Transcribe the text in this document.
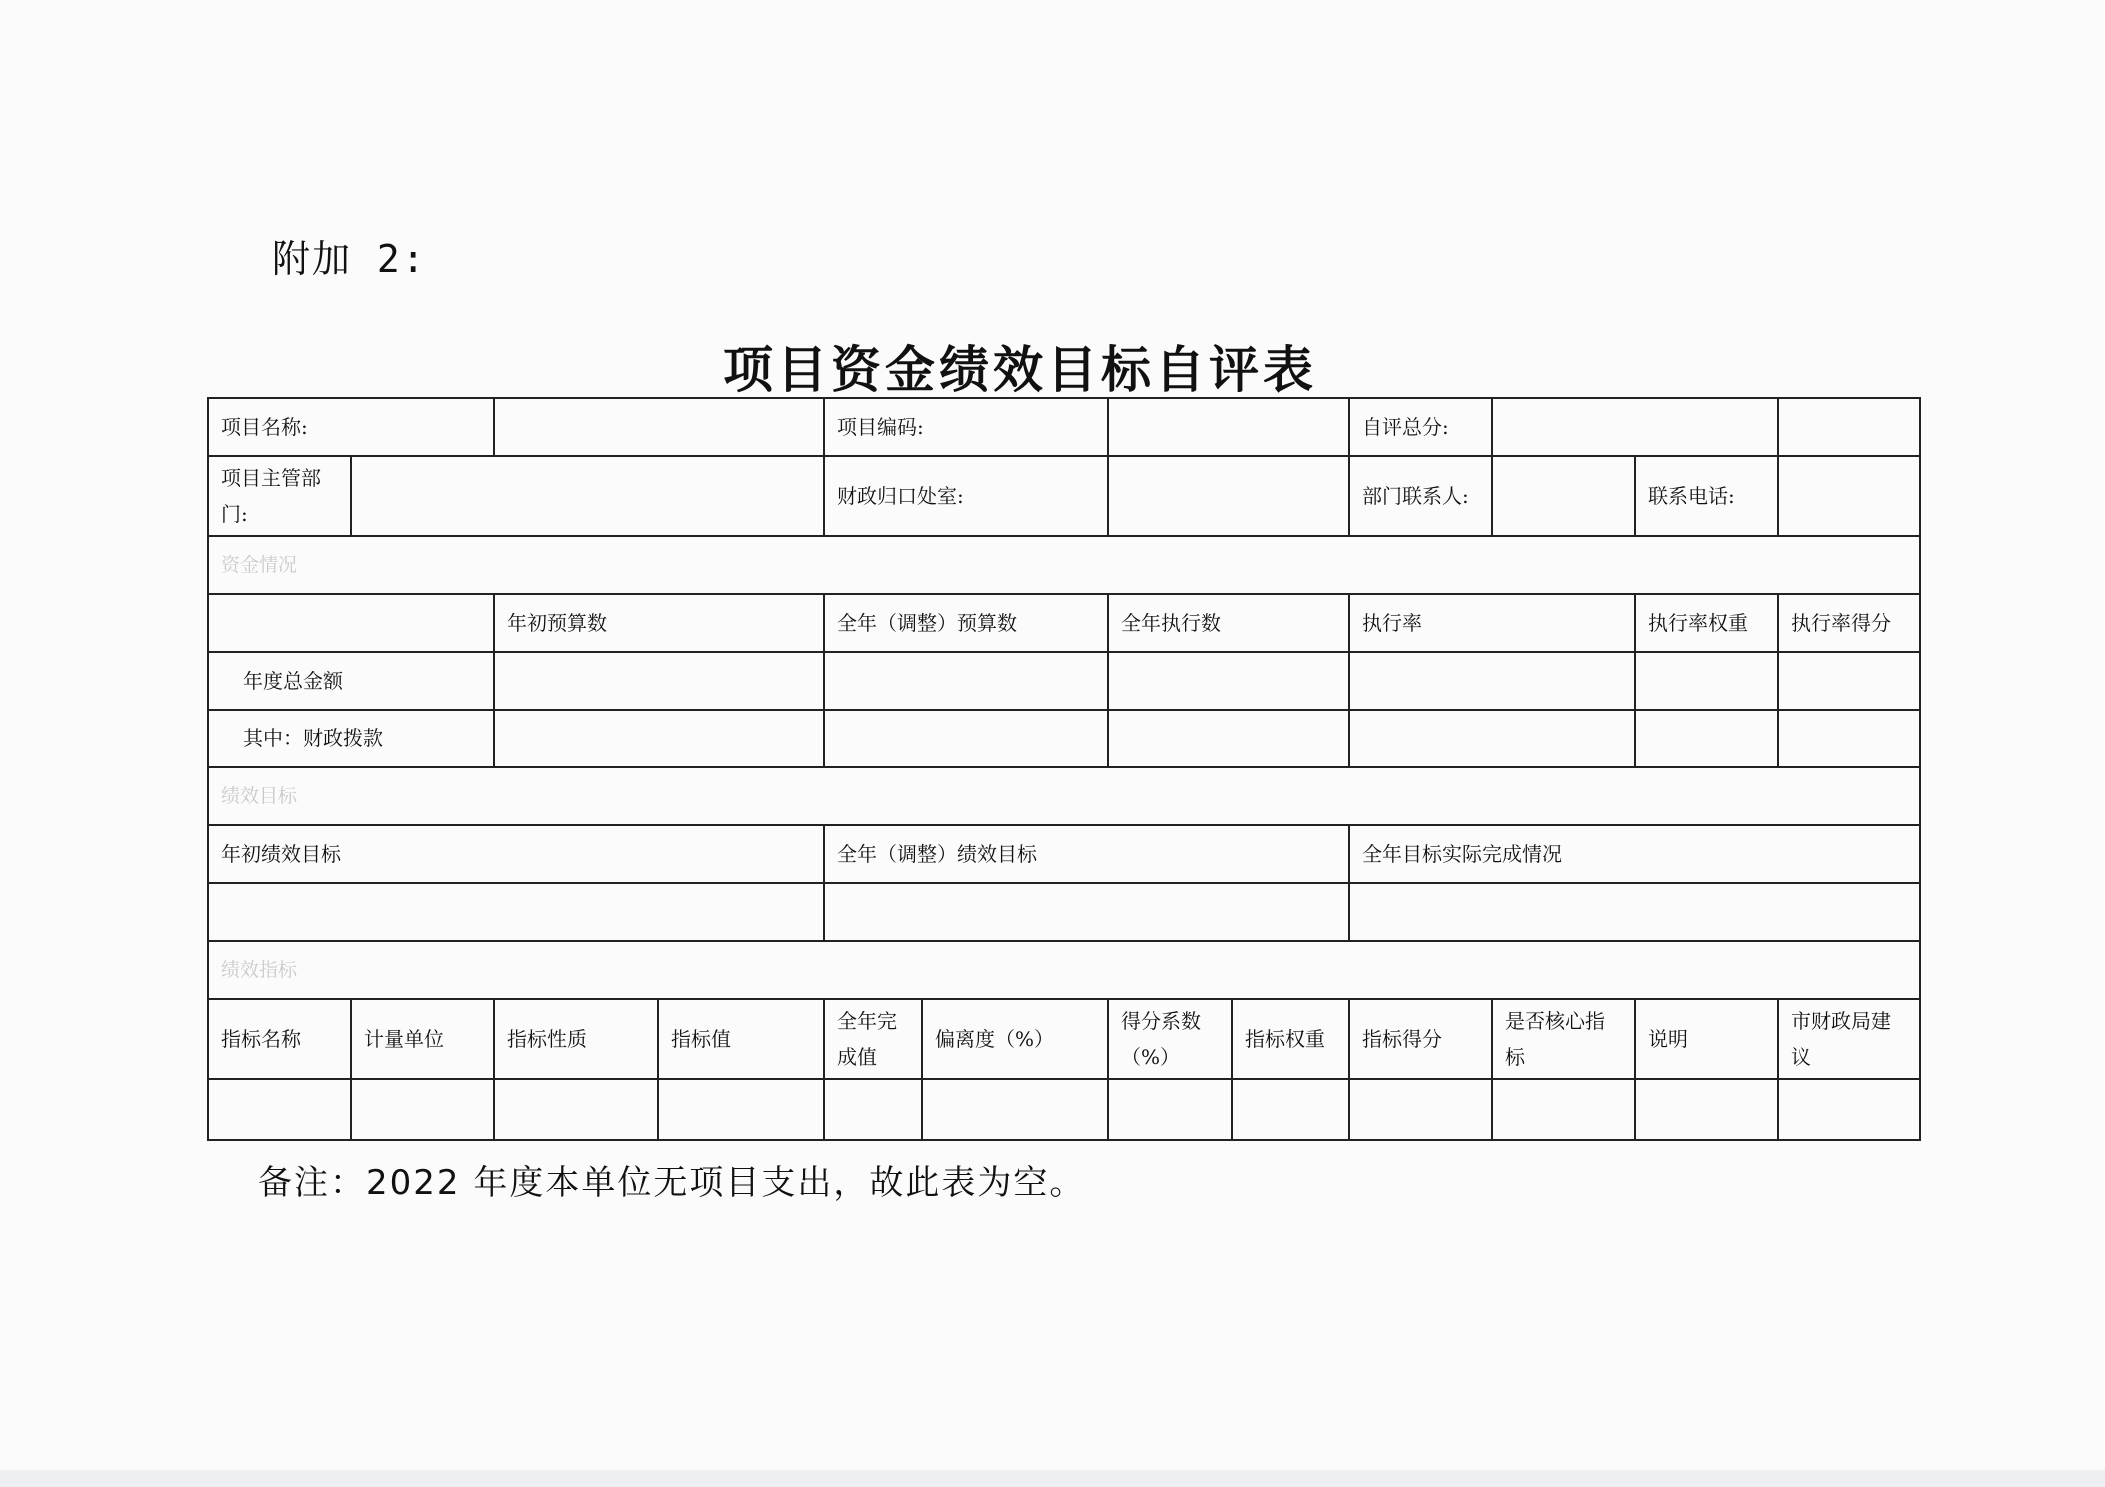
附加 2:
项目资金绩效目标自评表
项目名称:				项目编码:				自评总分:			
项目主管部门:				财政归口处室:				部门联系人:		联系电话:	
资金情况											
		年初预算数		全年（调整）预算数		全年执行数		执行率		执行率权重	执行率得分
年度总金额											
其中：财政拨款											
绩效目标											
年初绩效目标				全年（调整）绩效目标				全年目标实际完成情况			

绩效指标											
指标名称	计量单位	指标性质	指标值	全年完成值	偏离度（%）	得分系数（%）	指标权重	指标得分	是否核心指标	说明	市财政局建议

备注：2022 年度本单位无项目支出，故此表为空。
